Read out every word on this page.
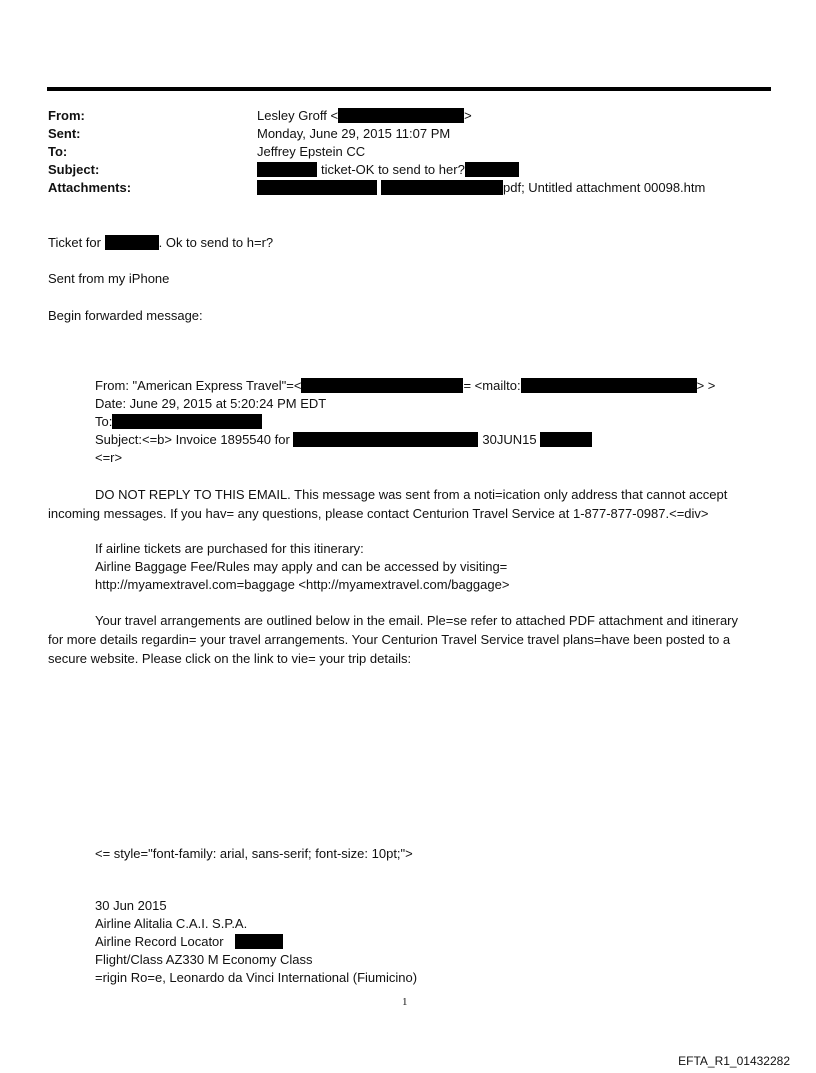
From:	Lesley Groff <	>
Sent:	Monday, June 29, 2015 11:07 PM
To:	Jeffrey Epstein CC
Subject:	ticket-OK to send to her?
Attachments:	pdf; Untitled attachment 00098.htm
Ticket for	. Ok to send to h=r?
Sent from my iPhone
Begin forwarded message:
From: "American Express Travel"=<	= <mailto:	> >
Date: June 29, 2015 at 5:20:24 PM EDT
To:
Subject:<=b> Invoice 1895540 for	30JUN15
<=r>
DO NOT REPLY TO THIS EMAIL. This message was sent from a noti=ication only address that cannot accept incoming messages. If you hav= any questions, please contact Centurion Travel Service at 1-877-877-0987.<=div>
If airline tickets are purchased for this itinerary:
Airline Baggage Fee/Rules may apply and can be accessed by visiting=
http://myamextravel.com=baggage <http://myamextravel.com/baggage>
Your travel arrangements are outlined below in the email. Ple=se refer to attached PDF attachment and itinerary for more details regardin= your travel arrangements. Your Centurion Travel Service travel plans=have been posted to a secure website. Please click on the link to vie= your trip details:
<= style="font-family: arial, sans-serif; font-size: 10pt;">
30 Jun 2015
Airline Alitalia C.A.I. S.P.A.
Airline Record Locator
Flight/Class AZ330 M Economy Class
=rigin Ro=e, Leonardo da Vinci International (Fiumicino)
1
EFTA_R1_01432282
